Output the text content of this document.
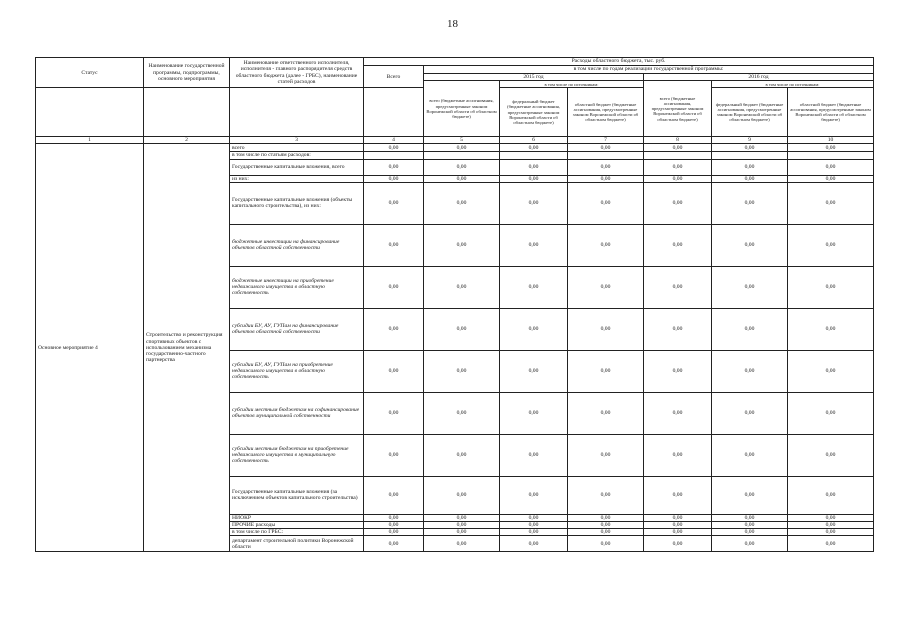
18
Статус	Наименование государственной программы, подпрограммы, основного мероприятия	Наименование ответственного исполнителя, исполнителя - главного распорядителя средств областного бюджета (далее - ГРБС), наименование статей расходов	Расходы областного бюджета, тыс. руб.						
			Всего	в том числе по годам реализации государственной программы:					
				2015 год			2016 год		
				всего (бюджетные ассигнования, предусмотренные законом Воронежской области об областном бюджете)	в том числе по источникам:		всего (бюджетные ассигнования, предусмотренные законом Воронежской области об областном бюджете)	в том числе по источникам:	
					федеральный бюджет (бюджетные ассигнования, предусмотренные законом Воронежской области об областном бюджете)	областной бюджет (бюджетные ассигнования, предусмотренные законом Воронежской области об областном бюджете)		федеральный бюджет (бюджетные ассигнования, предусмотренные законом Воронежской области об областном бюджете)	областной бюджет (бюджетные ассигнования, предусмотренные законом Воронежской области об областном бюджете)
1	2	3	4	5	6	7	8	9	10
Основное мероприятие 4	Строительство и реконструкция спортивных объектов с использованием механизма государственно-частного партнерства	всего	0,00	0,00	0,00	0,00	0,00	0,00	0,00
		в том числе по статьям расходов:							
		Государственные капитальные вложения, всего	0,00	0,00	0,00	0,00	0,00	0,00	0,00
		из них:	0,00	0,00	0,00	0,00	0,00	0,00	0,00
		Государственные капитальные вложения (объекты капитального строительства), из них:	0,00	0,00	0,00	0,00	0,00	0,00	0,00
		бюджетные инвестиции на финансирование объектов областной собственности	0,00	0,00	0,00	0,00	0,00	0,00	0,00
		бюджетные инвестиции на приобретение недвижимого имущества в областную собственность	0,00	0,00	0,00	0,00	0,00	0,00	0,00
		субсидии БУ, АУ, ГУПам на финансирование объектов областной собственности	0,00	0,00	0,00	0,00	0,00	0,00	0,00
		субсидии БУ, АУ, ГУПам на приобретение недвижимого имущества в областную собственность	0,00	0,00	0,00	0,00	0,00	0,00	0,00
		субсидии местным бюджетам на софинансирование объектов муниципальной собственности	0,00	0,00	0,00	0,00	0,00	0,00	0,00
		субсидии местным бюджетам на приобретение недвижимого имущества в муниципальную собственность	0,00	0,00	0,00	0,00	0,00	0,00	0,00
		Государственные капитальные вложения (за исключением объектов капитального строительства)	0,00	0,00	0,00	0,00	0,00	0,00	0,00
		НИОКР	0,00	0,00	0,00	0,00	0,00	0,00	0,00
		ПРОЧИЕ расходы	0,00	0,00	0,00	0,00	0,00	0,00	0,00
		в том числе по ГРБС:	0,00	0,00	0,00	0,00	0,00	0,00	0,00
		департамент строительной политики Воронежской области	0,00	0,00	0,00	0,00	0,00	0,00	0,00
